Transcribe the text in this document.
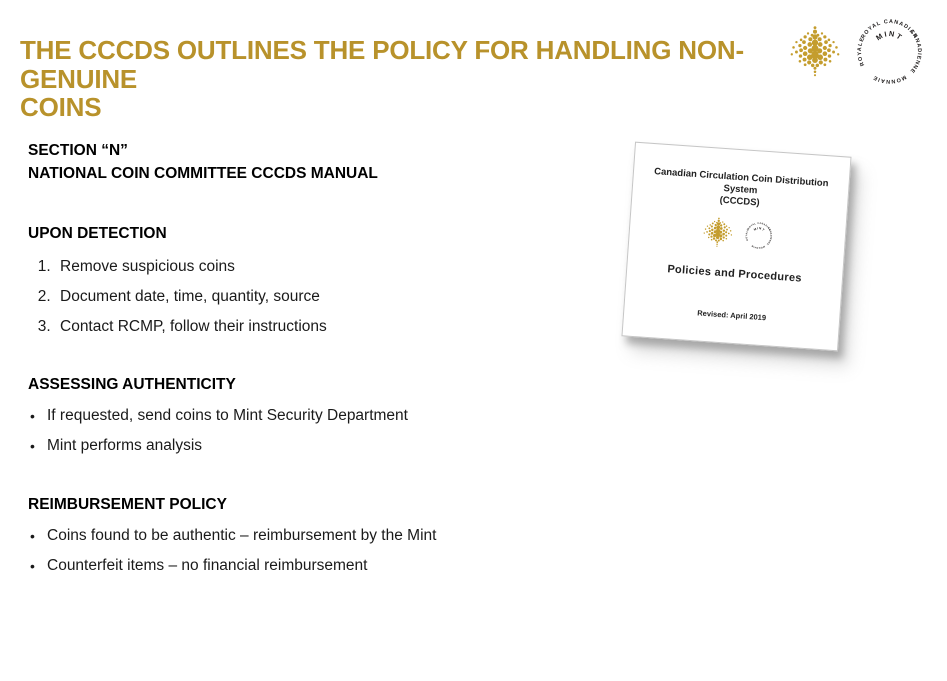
THE CCCDS OUTLINES THE POLICY FOR HANDLING NON-GENUINE
COINS
SECTION “N”
NATIONAL COIN COMMITTEE CCCDS MANUAL
UPON DETECTION
1. Remove suspicious coins
2. Document date, time, quantity, source
3. Contact RCMP, follow their instructions
ASSESSING AUTHENTICITY
• If requested, send coins to Mint Security Department
• Mint performs analysis
REIMBURSEMENT POLICY
• Coins found to be authentic – reimbursement by the Mint
• Counterfeit items – no financial reimbursement
Canadian Circulation Coin Distribution System
(CCCDS)
Policies and Procedures
Revised: April 2019
